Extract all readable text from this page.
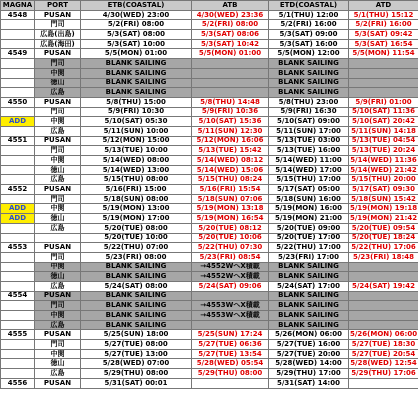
MAGNA	PORT	ETB(COASTAL)	ATB	ETD(COASTAL)	ATD
4548	PUSAN	4/30(WED) 23:00	4/30(WED) 23:36	5/1(THU) 12:00	5/1(THU) 15:12
	門司	5/2(FRI) 08:00	5/2(FRI) 08:00	5/2(FRI) 16:00	5/2(FRI) 16:00
	広島(出島)	5/3(SAT) 08:00	5/3(SAT) 08:06	5/3(SAT) 09:00	5/3(SAT) 09:42
	広島(海田)	5/3(SAT) 10:00	5/3(SAT) 10:42	5/3(SAT) 16:00	5/3(SAT) 16:54
4549	PUSAN	5/5(MON) 01:00	5/5(MON) 01:00	5/5(MON) 12:00	5/5(MON) 11:54
	門司	BLANK SAILING		BLANK SAILING	
	中関	BLANK SAILING		BLANK SAILING	
	徳山	BLANK SAILING		BLANK SAILING	
	広島	BLANK SAILING		BLANK SAILING	
4550	PUSAN	5/8(THU) 15:00	5/8(THU) 14:48	5/8(THU) 23:00	5/9(FRI) 01:00
	門司	5/9(FRI) 10:30	5/9(FRI) 10:36	5/9(FRI) 16:30	5/10(SAT) 11:36
ADD	中関	5/10(SAT) 05:30	5/10(SAT) 15:36	5/10(SAT) 09:00	5/10(SAT) 20:42
	広島	5/11(SUN) 10:00	5/11(SUN) 12:30	5/11(SUN) 17:00	5/11(SUN) 14:18
4551	PUSAN	5/12(MON) 15:00	5/12(MON) 16:06	5/13(TUE) 03:00	5/13(TUE) 04:54
	門司	5/13(TUE) 10:00	5/13(TUE) 15:42	5/13(TUE) 16:00	5/13(TUE) 20:24
	中関	5/14(WED) 08:00	5/14(WED) 08:12	5/14(WED) 11:00	5/14(WED) 11:36
	徳山	5/14(WED) 13:00	5/14(WED) 15:06	5/14(WED) 17:00	5/14(WED) 21:42
	広島	5/15(THU) 08:00	5/15(THU) 08:24	5/15(THU) 17:00	5/15(THU) 20:00
4552	PUSAN	5/16(FRI) 15:00	5/16(FRI) 15:54	5/17(SAT) 05:00	5/17(SAT) 09:30
	門司	5/18(SUN) 08:00	5/18(SUN) 07:06	5/18(SUN) 16:00	5/18(SUN) 15:42
ADD	中関	5/19(MON) 13:00	5/19(MON) 13:18	5/19(MON) 16:00	5/19(MON) 19:18
ADD	徳山	5/19(MON) 17:00	5/19(MON) 16:54	5/19(MON) 21:00	5/19(MON) 21:42
	広島	5/20(TUE) 08:00	5/20(TUE) 08:12	5/20(TUE) 09:00	5/20(TUE) 09:54
		5/20(TUE) 10:00	5/20(TUE) 10:06	5/20(TUE) 17:00	5/20(TUE) 18:24
4553	PUSAN	5/22(THU) 07:00	5/22(THU) 07:30	5/22(THU) 17:00	5/22(THU) 17:06
	門司	5/23(FRI) 08:00	5/23(FRI) 08:54	5/23(FRI) 17:00	5/23(FRI) 18:48
	中関	BLANK SAILING	→4552WへX積載	BLANK SAILING	
	徳山	BLANK SAILING	→4552WへX積載	BLANK SAILING	
	広島	5/24(SAT) 08:00	5/24(SAT) 09:06	5/24(SAT) 17:00	5/24(SAT) 19:42
4554	PUSAN	BLANK SAILING		BLANK SAILING	
	門司	BLANK SAILING	→4553WへX積載	BLANK SAILING	
	中関	BLANK SAILING	→4553WへX積載	BLANK SAILING	
	広島	BLANK SAILING		BLANK SAILING	
4555	PUSAN	5/25(SUN) 18:00	5/25(SUN) 17:24	5/26(MON) 06:00	5/26(MON) 06:00
	門司	5/27(TUE) 08:00	5/27(TUE) 06:36	5/27(TUE) 16:00	5/27(TUE) 18:30
	中関	5/27(TUE) 13:00	5/27(TUE) 13:54	5/27(TUE) 20:00	5/27(TUE) 20:54
	徳山	5/28(WED) 07:00	5/28(WED) 05:54	5/28(WED) 14:00	5/28(WED) 12:54
	広島	5/29(THU) 08:00	5/29(THU) 08:00	5/29(THU) 17:00	5/29(THU) 17:06
4556	PUSAN	5/31(SAT) 00:01		5/31(SAT) 14:00	
